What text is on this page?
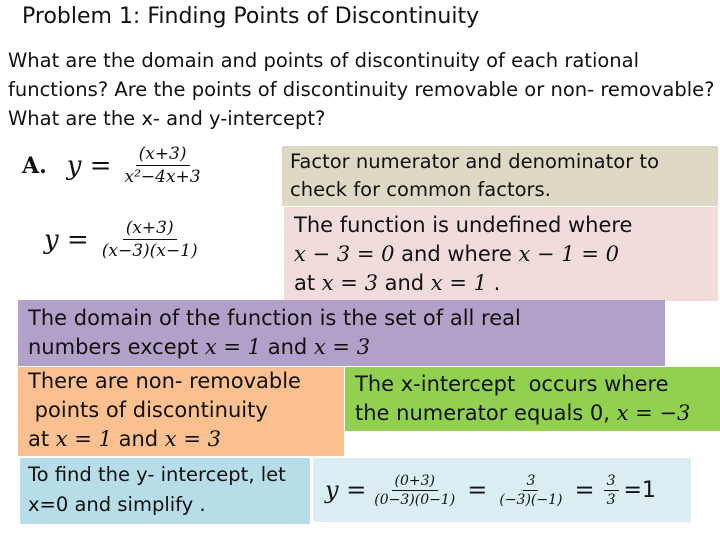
Problem 1: Finding Points of Discontinuity
What are the domain and points of discontinuity of each rational functions? Are the points of discontinuity removable or non- removable? What are the x- and y-intercept?
A. $y = \frac{(x+3)}{\text{x²−4x+3}}$
$y = \frac{(x+3)}{(x-3)(x-1)}$
Factor numerator and denominator to check for common factors.
The function is undefined where
x − 3 = 0 and where x − 1 = 0
at x = 3 and x = 1 .
The domain of the function is the set of all real
numbers except x = 1 and x = 3
There are non- removable
points of discontinuity
at x = 1 and x = 3
The x-intercept  occurs where
the numerator equals 0, x = −3
To find the y- intercept, let x=0 and simplify .
$y = \frac{(0+3)}{(0-3)(0-1)} = \frac{3}{(-3)(-1)} = \frac{3}{3} =1$
